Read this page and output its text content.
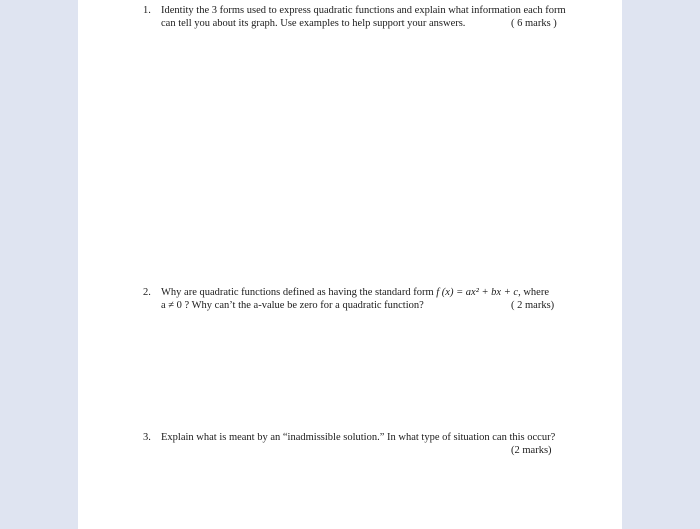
1. Identity the 3 forms used to express quadratic functions and explain what information each form
can tell you about its graph. Use examples to help support your answers.	( 6 marks )
2. Why are quadratic functions defined as having the standard form f (x) = ax² + bx + c, where
a ≠ 0 ? Why can’t the a-value be zero for a quadratic function?	( 2 marks)
3. Explain what is meant by an “inadmissible solution.” In what type of situation can this occur?
(2 marks)
